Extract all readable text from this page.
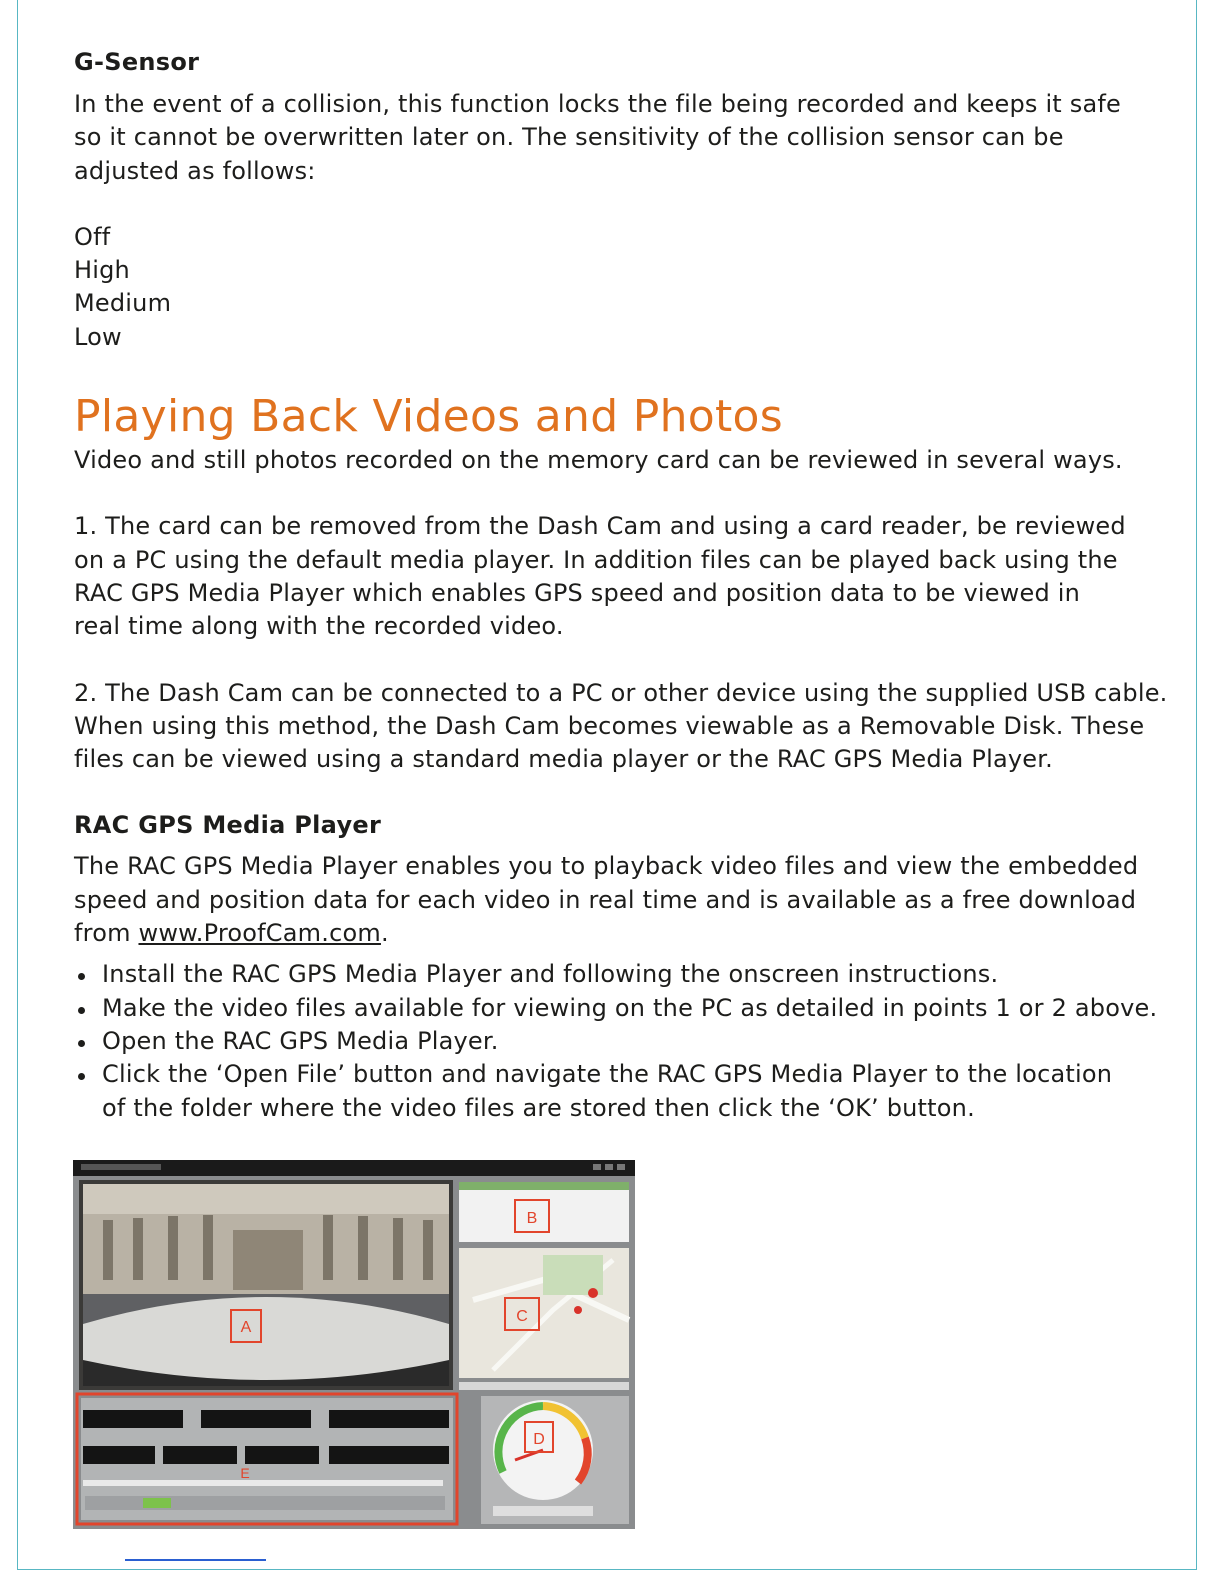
G-Sensor
In the event of a collision, this function locks the file being recorded and keeps it safe
so it cannot be overwritten later on. The sensitivity of the collision sensor can be
adjusted as follows:
Off
High
Medium
Low
Playing Back Videos and Photos
Video and still photos recorded on the memory card can be reviewed in several ways.
1. The card can be removed from the Dash Cam and using a card reader, be reviewed
on a PC using the default media player. In addition files can be played back using the
RAC GPS Media Player which enables GPS speed and position data to be viewed in
real time along with the recorded video.
2. The Dash Cam can be connected to a PC or other device using the supplied USB cable.
When using this method, the Dash Cam becomes viewable as a Removable Disk. These
files can be viewed using a standard media player or the RAC GPS Media Player.
RAC GPS Media Player
The RAC GPS Media Player enables you to playback video files and view the embedded
speed and position data for each video in real time and is available as a free download
from www.ProofCam.com.
Install the RAC GPS Media Player and following the onscreen instructions.
Make the video files available for viewing on the PC as detailed in points 1 or 2 above.
Open the RAC GPS Media Player.
Click the ‘Open File’ button and navigate the RAC GPS Media Player to the location
of the folder where the video files are stored then click the ‘OK’ button.
A
B
C
E
D
